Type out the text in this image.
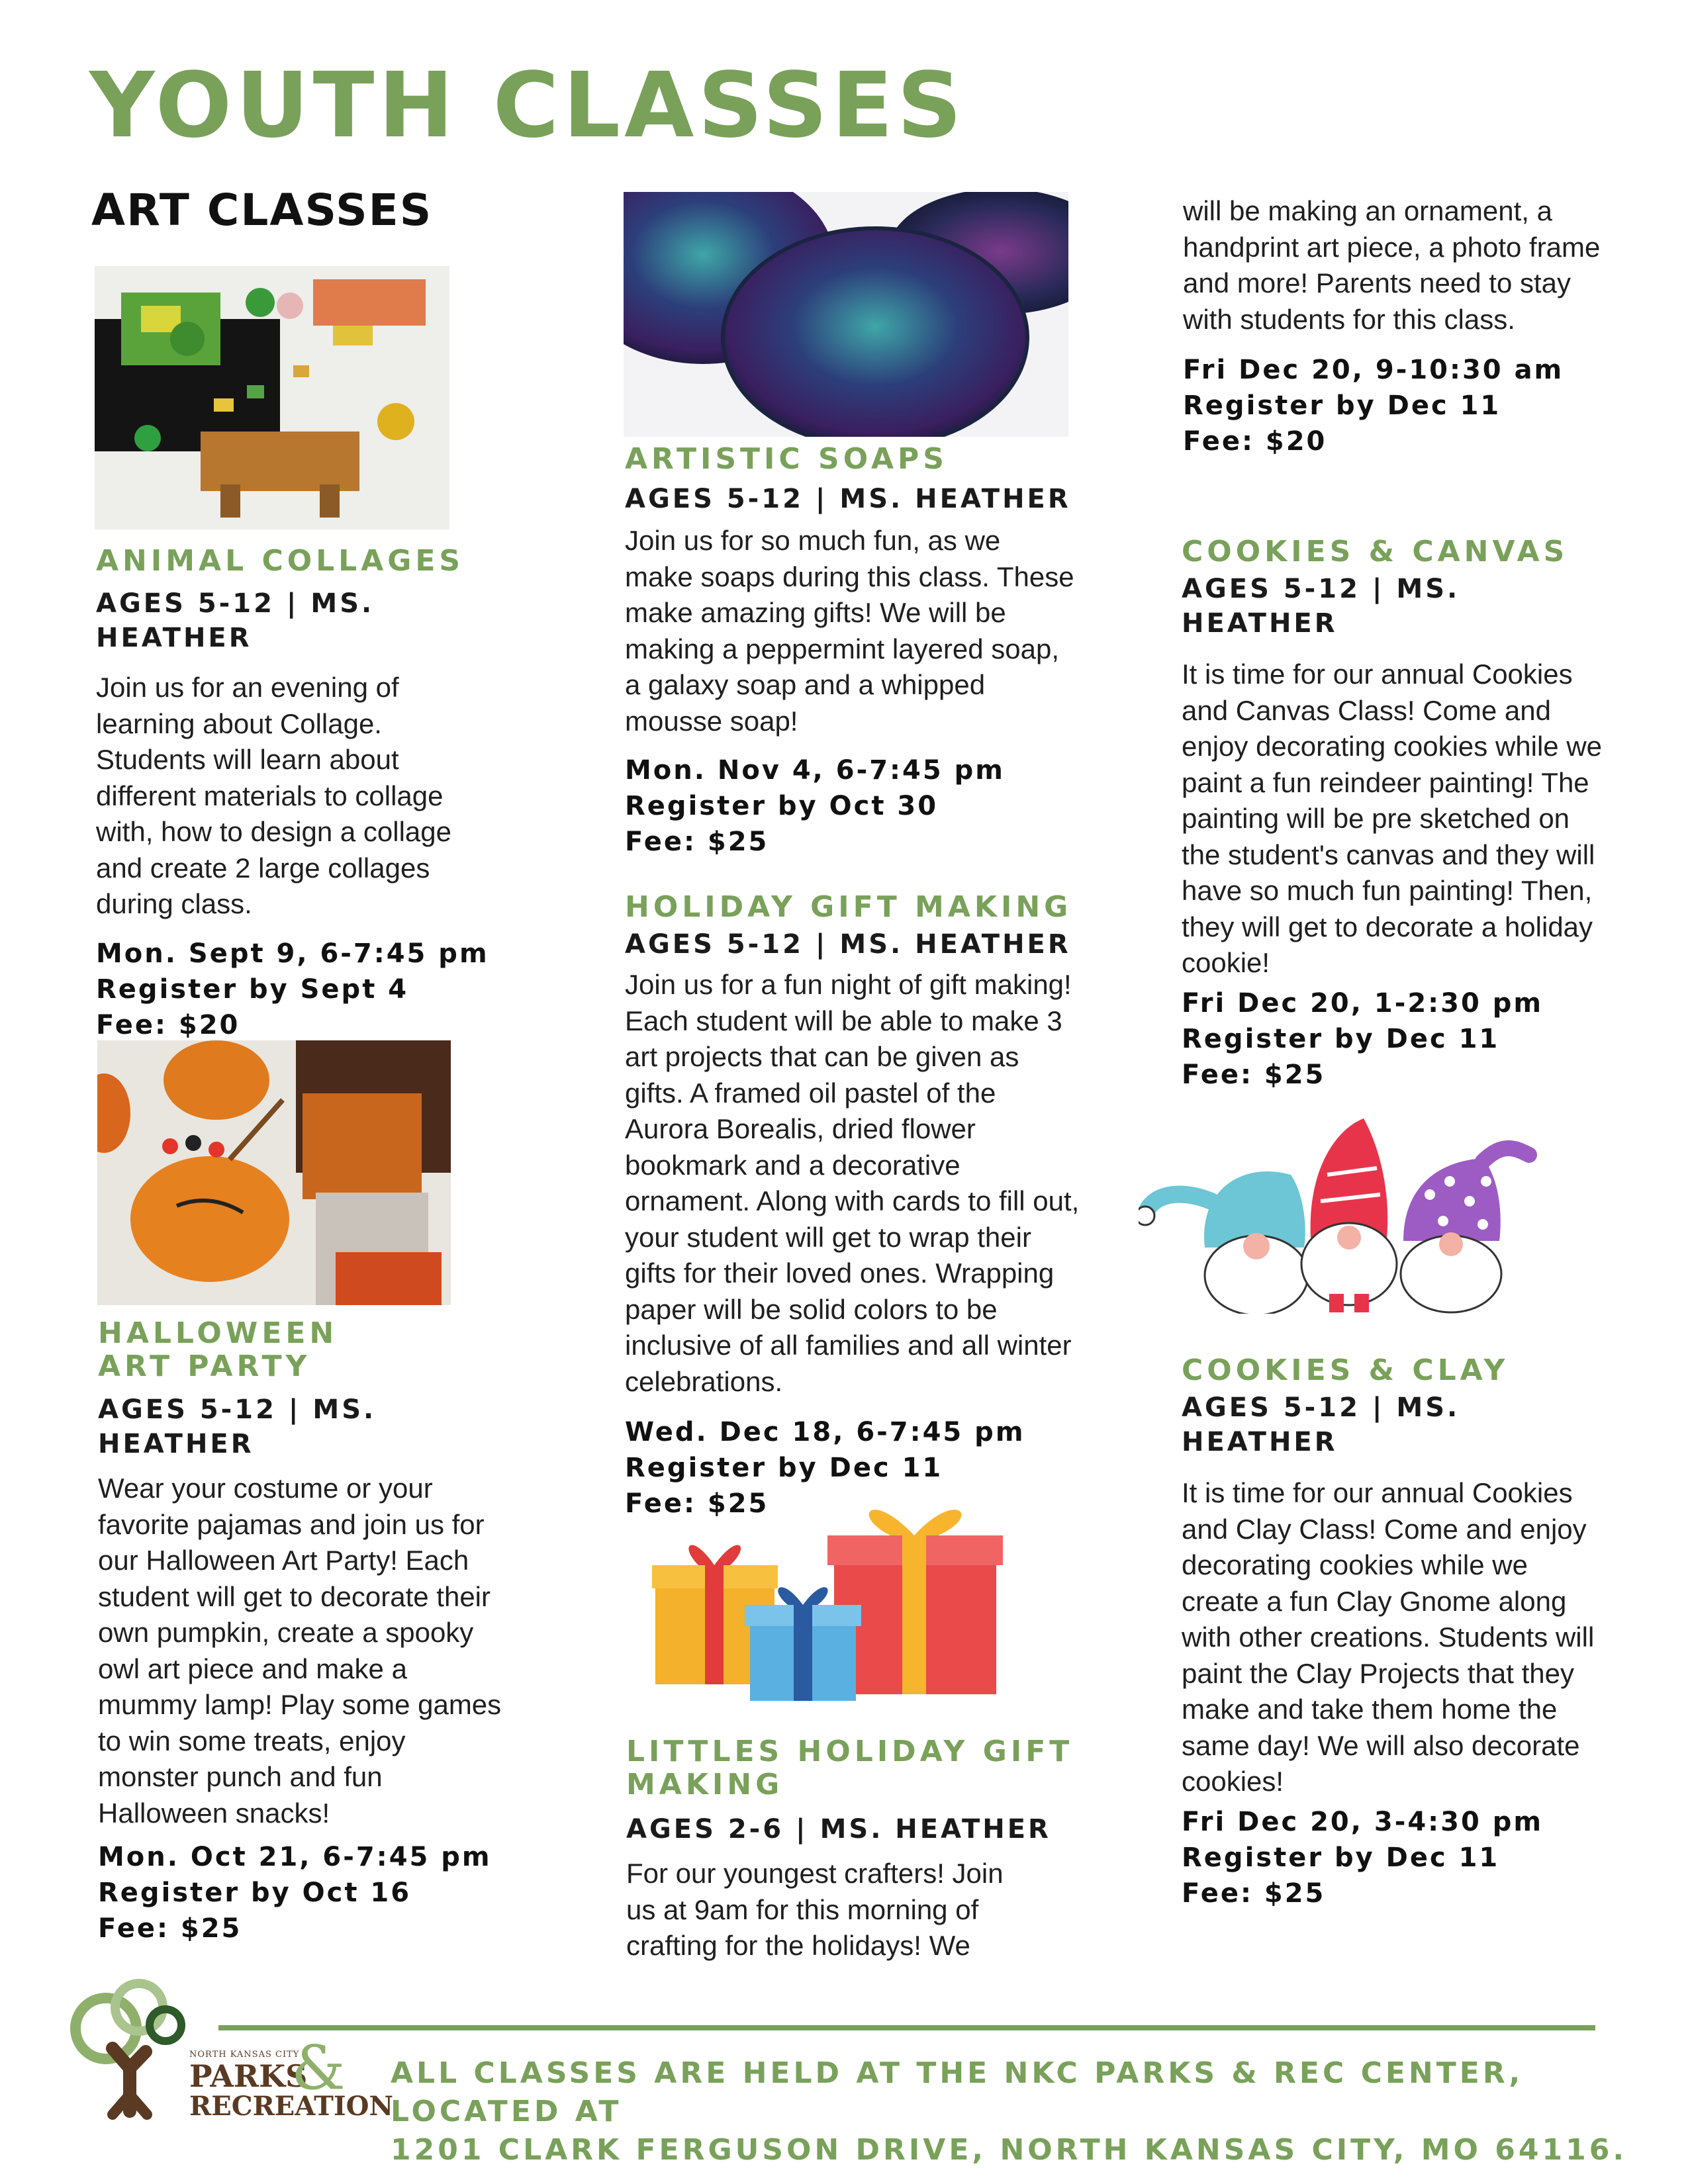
YOUTH CLASSES
ART CLASSES
ANIMAL COLLAGES

AGES 5-12 | MS. HEATHER

Join us for an evening of learning about Collage. Students will learn about different materials to collage with, how to design a collage and create 2 large collages during class.

Mon. Sept 9, 6-7:45 pm
Register by Sept 4
Fee: $20
HALLOWEEN
ART PARTY

AGES 5-12 | MS. HEATHER

Wear your costume or your favorite pajamas and join us for our Halloween Art Party! Each student will get to decorate their own pumpkin, create a spooky owl art piece and make a mummy lamp! Play some games to win some treats, enjoy monster punch and fun Halloween snacks!

Mon. Oct 21, 6-7:45 pm
Register by Oct 16
Fee: $25
ARTISTIC SOAPS

AGES 5-12 | MS. HEATHER

Join us for so much fun, as we make soaps during this class. These make amazing gifts! We will be making a peppermint layered soap, a galaxy soap and a whipped mousse soap!

Mon. Nov 4, 6-7:45 pm
Register by Oct 30
Fee: $25
HOLIDAY GIFT MAKING

AGES 5-12 | MS. HEATHER

Join us for a fun night of gift making! Each student will be able to make 3 art projects that can be given as gifts. A framed oil pastel of the Aurora Borealis, dried flower bookmark and a decorative ornament. Along with cards to fill out, your student will get to wrap their gifts for their loved ones. Wrapping paper will be solid colors to be inclusive of all families and all winter celebrations.

Wed. Dec 18, 6-7:45 pm
Register by Dec 11
Fee: $25
LITTLES HOLIDAY GIFT
MAKING

AGES 2-6 | MS. HEATHER

For our youngest crafters! Join us at 9am for this morning of crafting for the holidays! We

will be making an ornament, a handprint art piece, a photo frame and more! Parents need to stay with students for this class.

Fri Dec 20, 9-10:30 am
Register by Dec 11
Fee: $20
COOKIES & CANVAS

AGES 5-12 | MS. HEATHER

It is time for our annual Cookies and Canvas Class! Come and enjoy decorating cookies while we paint a fun reindeer painting! The painting will be pre sketched on the student's canvas and they will have so much fun painting! Then, they will get to decorate a holiday cookie!

Fri Dec 20, 1-2:30 pm
Register by Dec 11
Fee: $25
COOKIES & CLAY

AGES 5-12 | MS. HEATHER

It is time for our annual Cookies and Clay Class! Come and enjoy decorating cookies while we create a fun Clay Gnome along with other creations. Students will paint the Clay Projects that they make and take them home the same day! We will also decorate cookies!

Fri Dec 20, 3-4:30 pm
Register by Dec 11
Fee: $25
NORTH KANSAS CITY
PARKS
&
RECREATION
ALL CLASSES ARE HELD AT THE NKC PARKS & REC CENTER, LOCATED AT
1201 CLARK FERGUSON DRIVE, NORTH KANSAS CITY, MO 64116.
